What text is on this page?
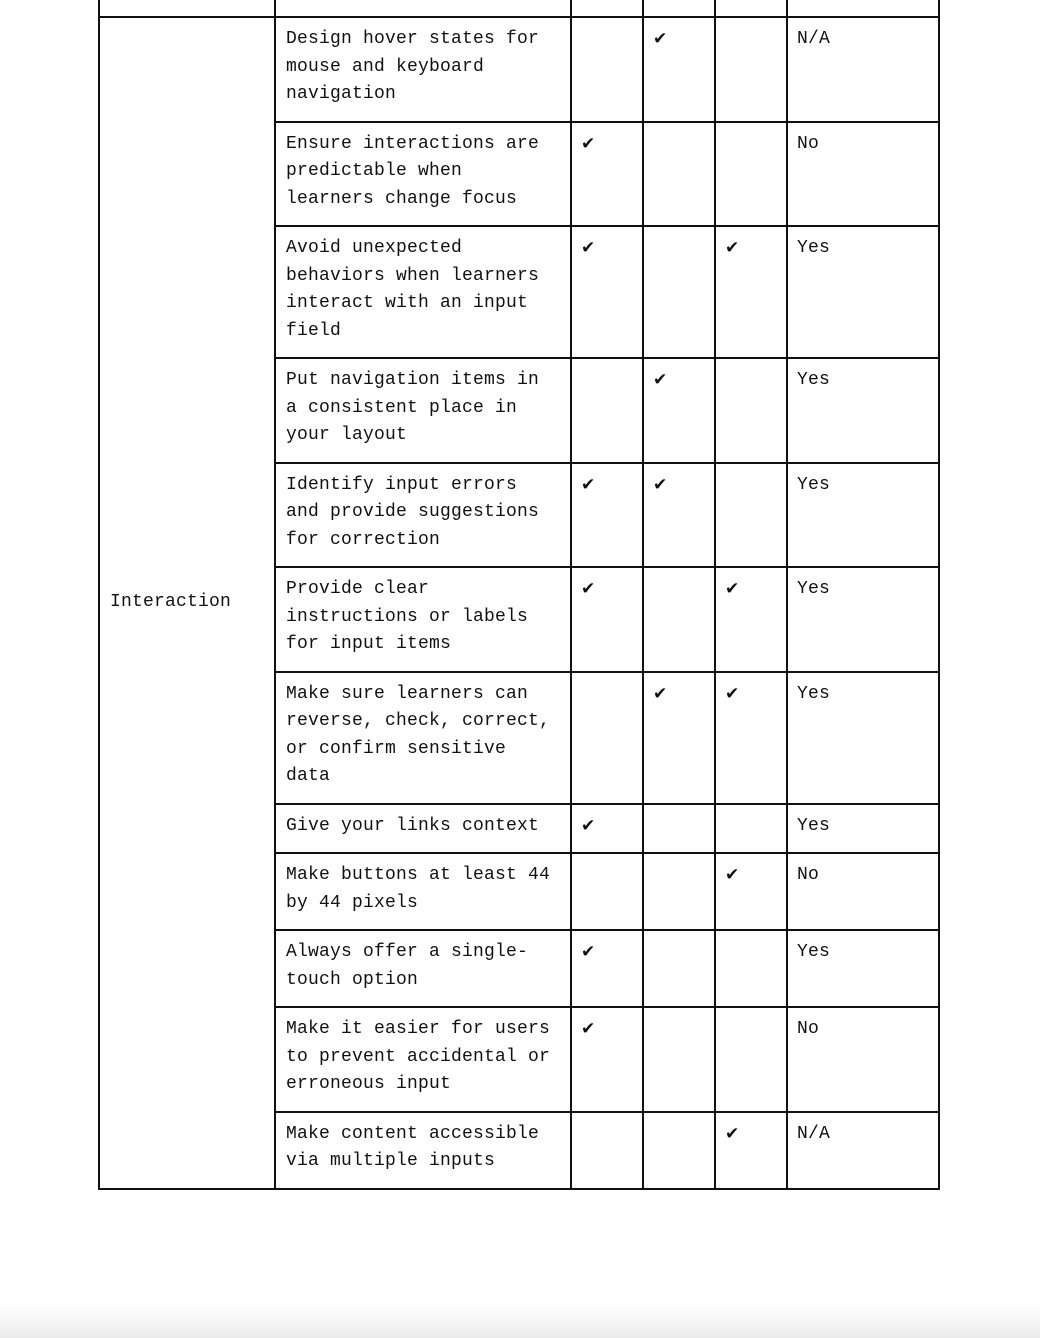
Interaction	Design hover states for mouse and keyboard navigation		✔		N/A

	Ensure interactions are predictable when learners change focus	✔			No

	Avoid unexpected behaviors when learners interact with an input field	✔		✔	Yes

	Put navigation items in a consistent place in your layout		✔		Yes

	Identify input errors and provide suggestions for correction	✔	✔		Yes

	Provide clear instructions or labels for input items	✔		✔	Yes

	Make sure learners can reverse, check, correct, or confirm sensitive data		✔	✔	Yes

	Give your links context	✔			Yes

	Make buttons at least 44 by 44 pixels			✔	No

	Always offer a single-touch option	✔			Yes

	Make it easier for users to prevent accidental or erroneous input	✔			No

	Make content accessible via multiple inputs			✔	N/A
